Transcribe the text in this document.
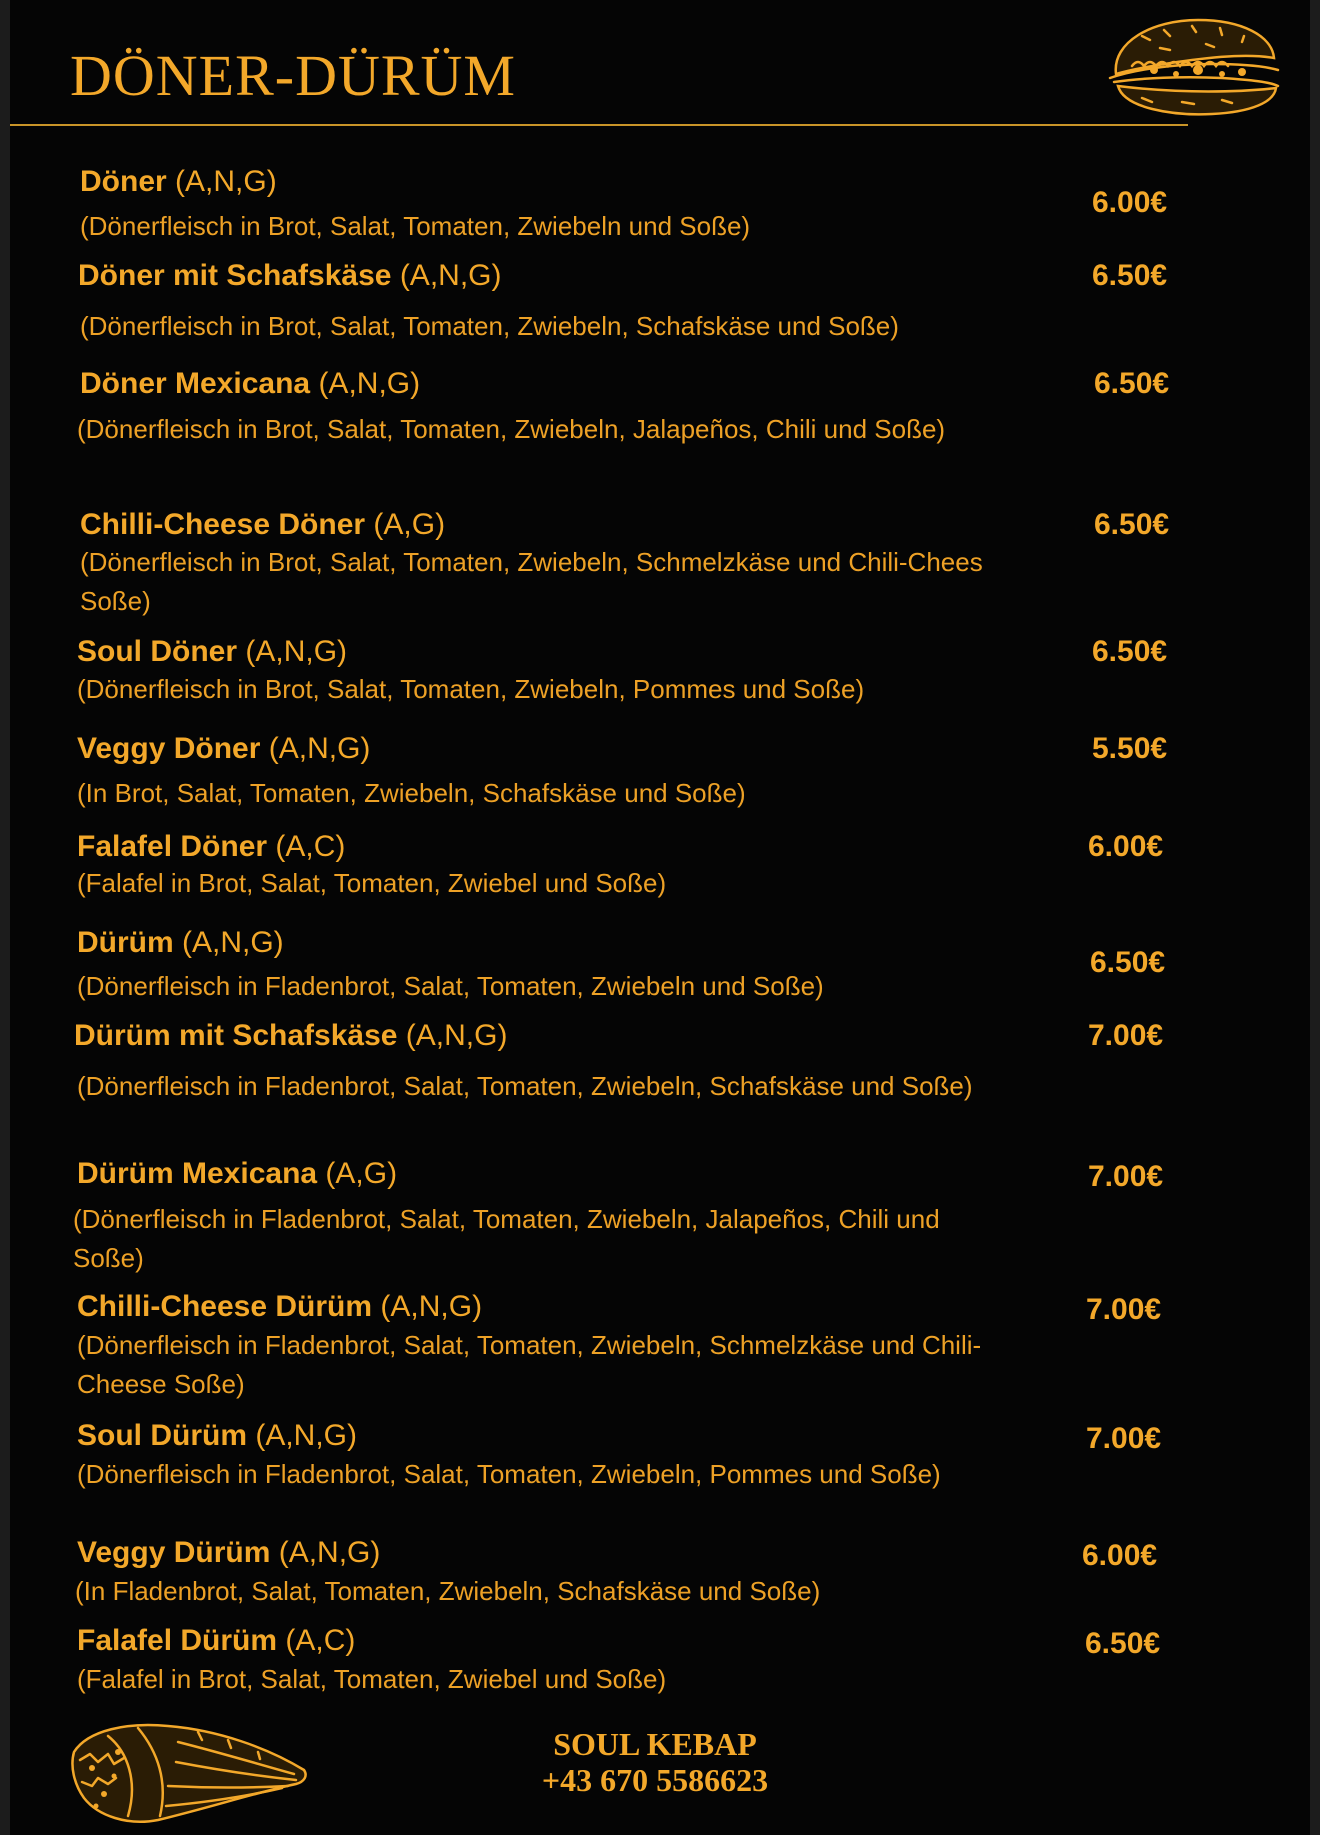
DÖNER-DÜRÜM
Döner (A,N,G)
(Dönerfleisch in Brot, Salat, Tomaten, Zwiebeln und Soße)
6.00€
Döner mit Schafskäse (A,N,G)
(Dönerfleisch in Brot, Salat, Tomaten, Zwiebeln, Schafskäse und Soße)
6.50€
Döner Mexicana (A,N,G)
(Dönerfleisch in Brot, Salat, Tomaten, Zwiebeln, Jalapeños, Chili und Soße)
6.50€
Chilli-Cheese Döner (A,G)
(Dönerfleisch in Brot, Salat, Tomaten, Zwiebeln, Schmelzkäse und Chili-Chees Soße)
6.50€
Soul Döner (A,N,G)
(Dönerfleisch in Brot, Salat, Tomaten, Zwiebeln, Pommes und Soße)
6.50€
Veggy Döner (A,N,G)
(In Brot, Salat, Tomaten, Zwiebeln, Schafskäse und Soße)
5.50€
Falafel Döner (A,C)
(Falafel in Brot, Salat, Tomaten, Zwiebel und Soße)
6.00€
Dürüm (A,N,G)
(Dönerfleisch in Fladenbrot, Salat, Tomaten, Zwiebeln und Soße)
6.50€
Dürüm mit Schafskäse (A,N,G)
(Dönerfleisch in Fladenbrot, Salat, Tomaten, Zwiebeln, Schafskäse und Soße)
7.00€
Dürüm Mexicana (A,G)
(Dönerfleisch in Fladenbrot, Salat, Tomaten, Zwiebeln, Jalapeños, Chili und Soße)
7.00€
Chilli-Cheese Dürüm (A,N,G)
(Dönerfleisch in Fladenbrot, Salat, Tomaten, Zwiebeln, Schmelzkäse und Chili-Cheese Soße)
7.00€
Soul Dürüm (A,N,G)
(Dönerfleisch in Fladenbrot, Salat, Tomaten, Zwiebeln, Pommes und Soße)
7.00€
Veggy Dürüm (A,N,G)
(In Fladenbrot, Salat, Tomaten, Zwiebeln, Schafskäse und Soße)
6.00€
Falafel Dürüm (A,C)
(Falafel in Brot, Salat, Tomaten, Zwiebel und Soße)
6.50€
SOUL KEBAP
+43 670 5586623
